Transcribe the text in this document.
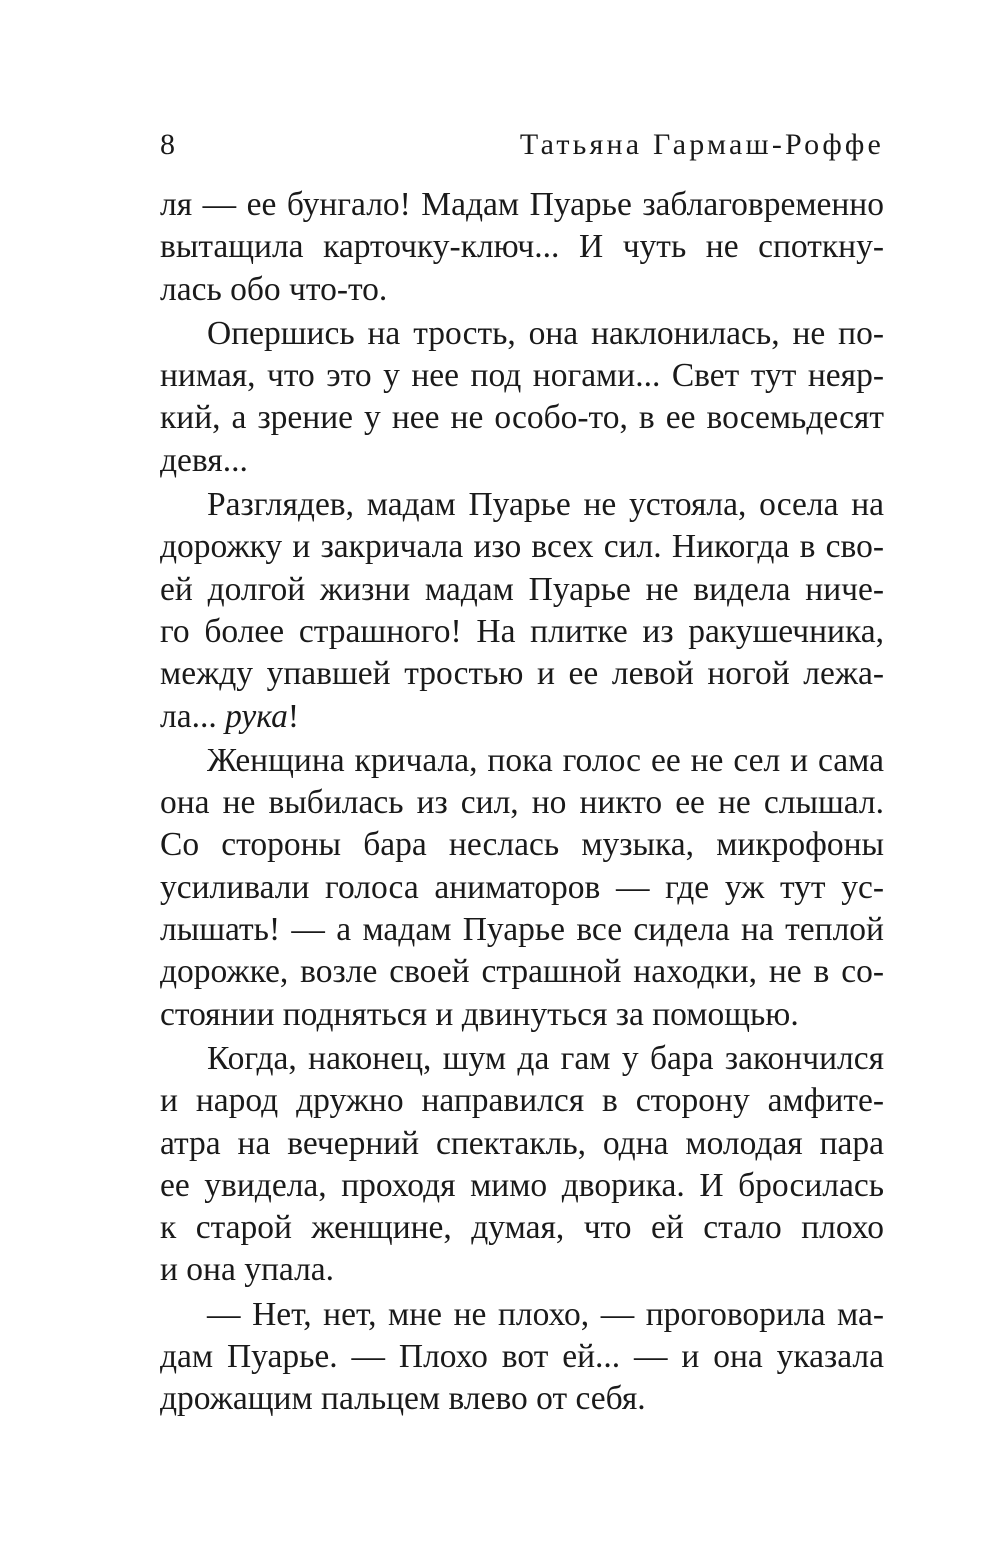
8	Татьяна Гармаш-Роффе
ля — ее бунгало! Мадам Пуарье заблаговременно
вытащила карточку-ключ... И чуть не споткну-
лась обо что-то.
Опершись на трость, она наклонилась, не по-
нимая, что это у нее под ногами... Свет тут неяр-
кий, а зрение у нее не особо-то, в ее восемьдесят
девя...
Разглядев, мадам Пуарье не устояла, осела на
дорожку и закричала изо всех сил. Никогда в сво-
ей долгой жизни мадам Пуарье не видела ниче-
го более страшного! На плитке из ракушечника,
между упавшей тростью и ее левой ногой лежа-
ла... рука!
Женщина кричала, пока голос ее не сел и сама
она не выбилась из сил, но никто ее не слышал.
Со стороны бара неслась музыка, микрофоны
усиливали голоса аниматоров — где уж тут ус-
лышать! — а мадам Пуарье все сидела на теплой
дорожке, возле своей страшной находки, не в со-
стоянии подняться и двинуться за помощью.
Когда, наконец, шум да гам у бара закончился
и народ дружно направился в сторону амфите-
атра на вечерний спектакль, одна молодая пара
ее увидела, проходя мимо дворика. И бросилась
к старой женщине, думая, что ей стало плохо
и она упала.
— Нет, нет, мне не плохо, — проговорила ма-
дам Пуарье. — Плохо вот ей... — и она указала
дрожащим пальцем влево от себя.
